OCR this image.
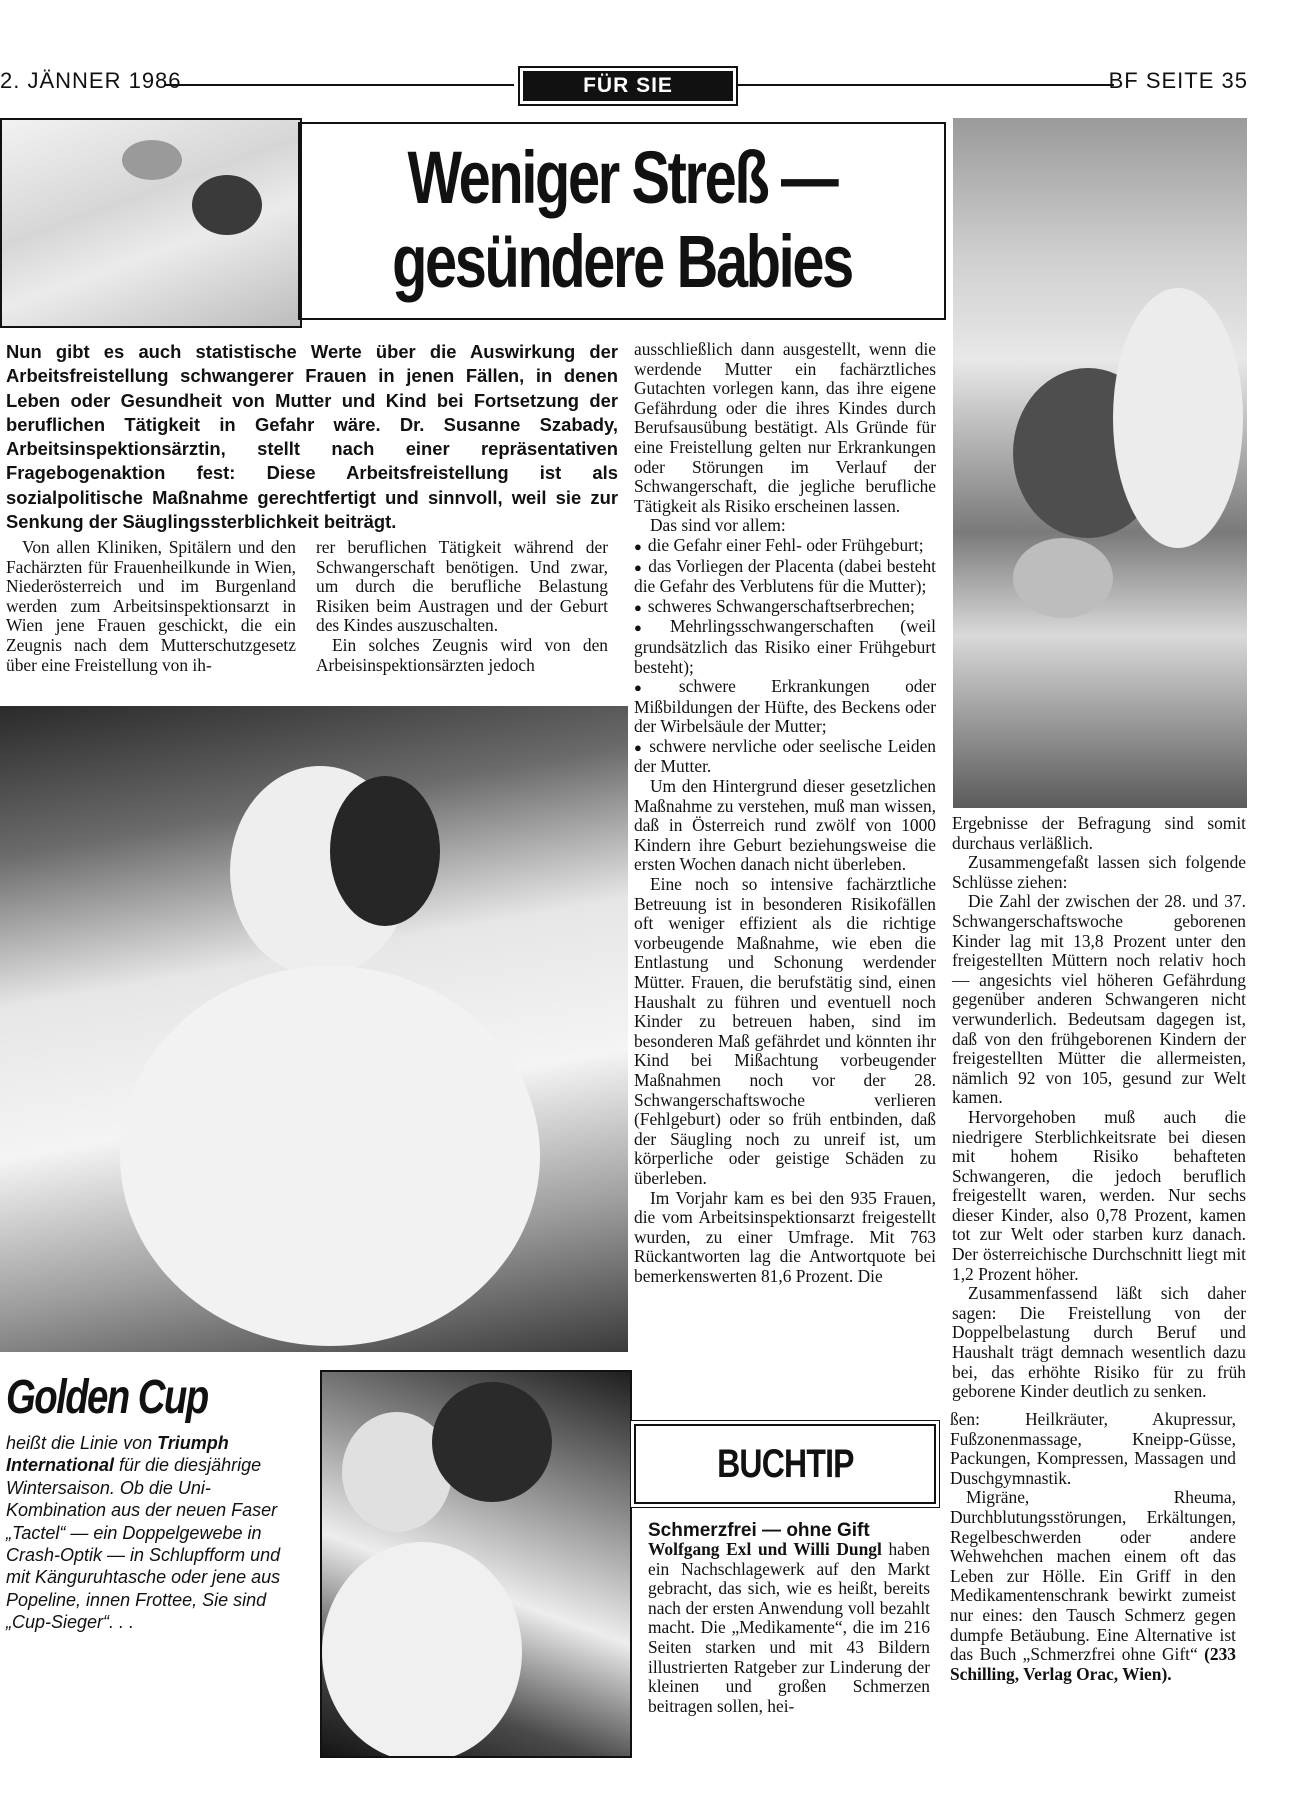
2. JÄNNER 1986	FÜR SIE	BF SEITE 35
Weniger Streß —
gesündere Babies

Nun gibt es auch statistische Werte über die Auswirkung der Arbeitsfreistellung schwangerer Frauen in jenen Fällen, in denen Leben oder Gesundheit von Mutter und Kind bei Fortsetzung der beruflichen Tätigkeit in Gefahr wäre. Dr. Susanne Szabady, Arbeitsinspektionsärztin, stellt nach einer repräsentativen Fragebogenaktion fest: Diese Arbeitsfreistellung ist als sozialpolitische Maßnahme gerechtfertigt und sinnvoll, weil sie zur Senkung der Säuglingssterblichkeit beiträgt.

Von allen Kliniken, Spitälern und den Fachärzten für Frauenheilkunde in Wien, Niederösterreich und im Burgenland werden zum Arbeitsinspektionsarzt in Wien jene Frauen geschickt, die ein Zeugnis nach dem Mutterschutzgesetz über eine Freistellung von ih-

rer beruflichen Tätigkeit während der Schwangerschaft benötigen. Und zwar, um durch die berufliche Belastung Risiken beim Austragen und der Geburt des Kindes auszuschalten.

Ein solches Zeugnis wird von den Arbeisinspektionsärzten jedoch

ausschließlich dann ausgestellt, wenn die werdende Mutter ein fachärztliches Gutachten vorlegen kann, das ihre eigene Gefährdung oder die ihres Kindes durch Berufsausübung bestätigt. Als Gründe für eine Freistellung gelten nur Erkrankungen oder Störungen im Verlauf der Schwangerschaft, die jegliche berufliche Tätigkeit als Risiko erscheinen lassen.

Das sind vor allem:

● die Gefahr einer Fehl- oder Frühgeburt;
● das Vorliegen der Placenta (dabei besteht die Gefahr des Verblutens für die Mutter);
● schweres Schwangerschaftserbrechen;
● Mehrlingsschwangerschaften (weil grundsätzlich das Risiko einer Frühgeburt besteht);
● schwere Erkrankungen oder Mißbildungen der Hüfte, des Beckens oder der Wirbelsäule der Mutter;
● schwere nervliche oder seelische Leiden der Mutter.

Um den Hintergrund dieser gesetzlichen Maßnahme zu verstehen, muß man wissen, daß in Österreich rund zwölf von 1000 Kindern ihre Geburt beziehungsweise die ersten Wochen danach nicht überleben.

Eine noch so intensive fachärztliche Betreuung ist in besonderen Risikofällen oft weniger effizient als die richtige vorbeugende Maßnahme, wie eben die Entlastung und Schonung werdender Mütter. Frauen, die berufstätig sind, einen Haushalt zu führen und eventuell noch Kinder zu betreuen haben, sind im besonderen Maß gefährdet und könnten ihr Kind bei Mißachtung vorbeugender Maßnahmen noch vor der 28. Schwangerschaftswoche verlieren (Fehlgeburt) oder so früh entbinden, daß der Säugling noch zu unreif ist, um körperliche oder geistige Schäden zu überleben.

Im Vorjahr kam es bei den 935 Frauen, die vom Arbeitsinspektionsarzt freigestellt wurden, zu einer Umfrage. Mit 763 Rückantworten lag die Antwortquote bei bemerkenswerten 81,6 Prozent. Die

Ergebnisse der Befragung sind somit durchaus verläßlich.

Zusammengefaßt lassen sich folgende Schlüsse ziehen:

Die Zahl der zwischen der 28. und 37. Schwangerschaftswoche geborenen Kinder lag mit 13,8 Prozent unter den freigestellten Müttern noch relativ hoch — angesichts viel höheren Gefährdung gegenüber anderen Schwangeren nicht verwunderlich. Bedeutsam dagegen ist, daß von den frühgeborenen Kindern der freigestellten Mütter die allermeisten, nämlich 92 von 105, gesund zur Welt kamen.

Hervorgehoben muß auch die niedrigere Sterblichkeitsrate bei diesen mit hohem Risiko behafteten Schwangeren, die jedoch beruflich freigestellt waren, werden. Nur sechs dieser Kinder, also 0,78 Prozent, kamen tot zur Welt oder starben kurz danach. Der österreichische Durchschnitt liegt mit 1,2 Prozent höher.

Zusammenfassend läßt sich daher sagen: Die Freistellung von der Doppelbelastung durch Beruf und Haushalt trägt demnach wesentlich dazu bei, das erhöhte Risiko für zu früh geborene Kinder deutlich zu senken.

Golden Cup

heißt die Linie von Triumph International für die diesjährige Wintersaison. Ob die Uni-Kombination aus der neuen Faser „Tactel“ — ein Doppelgewebe in Crash-Optik — in Schlupfform und mit Känguruhtasche oder jene aus Popeline, innen Frottee, Sie sind „Cup-Sieger“. . .

BUCHTIP
Schmerzfrei — ohne Gift

Wolfgang Exl und Willi Dungl haben ein Nachschlagewerk auf den Markt gebracht, das sich, wie es heißt, bereits nach der ersten Anwendung voll bezahlt macht. Die „Medikamente“, die im 216 Seiten starken und mit 43 Bildern illustrierten Ratgeber zur Linderung der kleinen und großen Schmerzen beitragen sollen, hei-

ßen: Heilkräuter, Akupressur, Fußzonenmassage, Kneipp-Güsse, Packungen, Kompressen, Massagen und Duschgymnastik.

Migräne, Rheuma, Durchblutungsstörungen, Erkältungen, Regelbeschwerden oder andere Wehwehchen machen einem oft das Leben zur Hölle. Ein Griff in den Medikamentenschrank bewirkt zumeist nur eines: den Tausch Schmerz gegen dumpfe Betäubung. Eine Alternative ist das Buch „Schmerzfrei ohne Gift“ (233 Schilling, Verlag Orac, Wien).
